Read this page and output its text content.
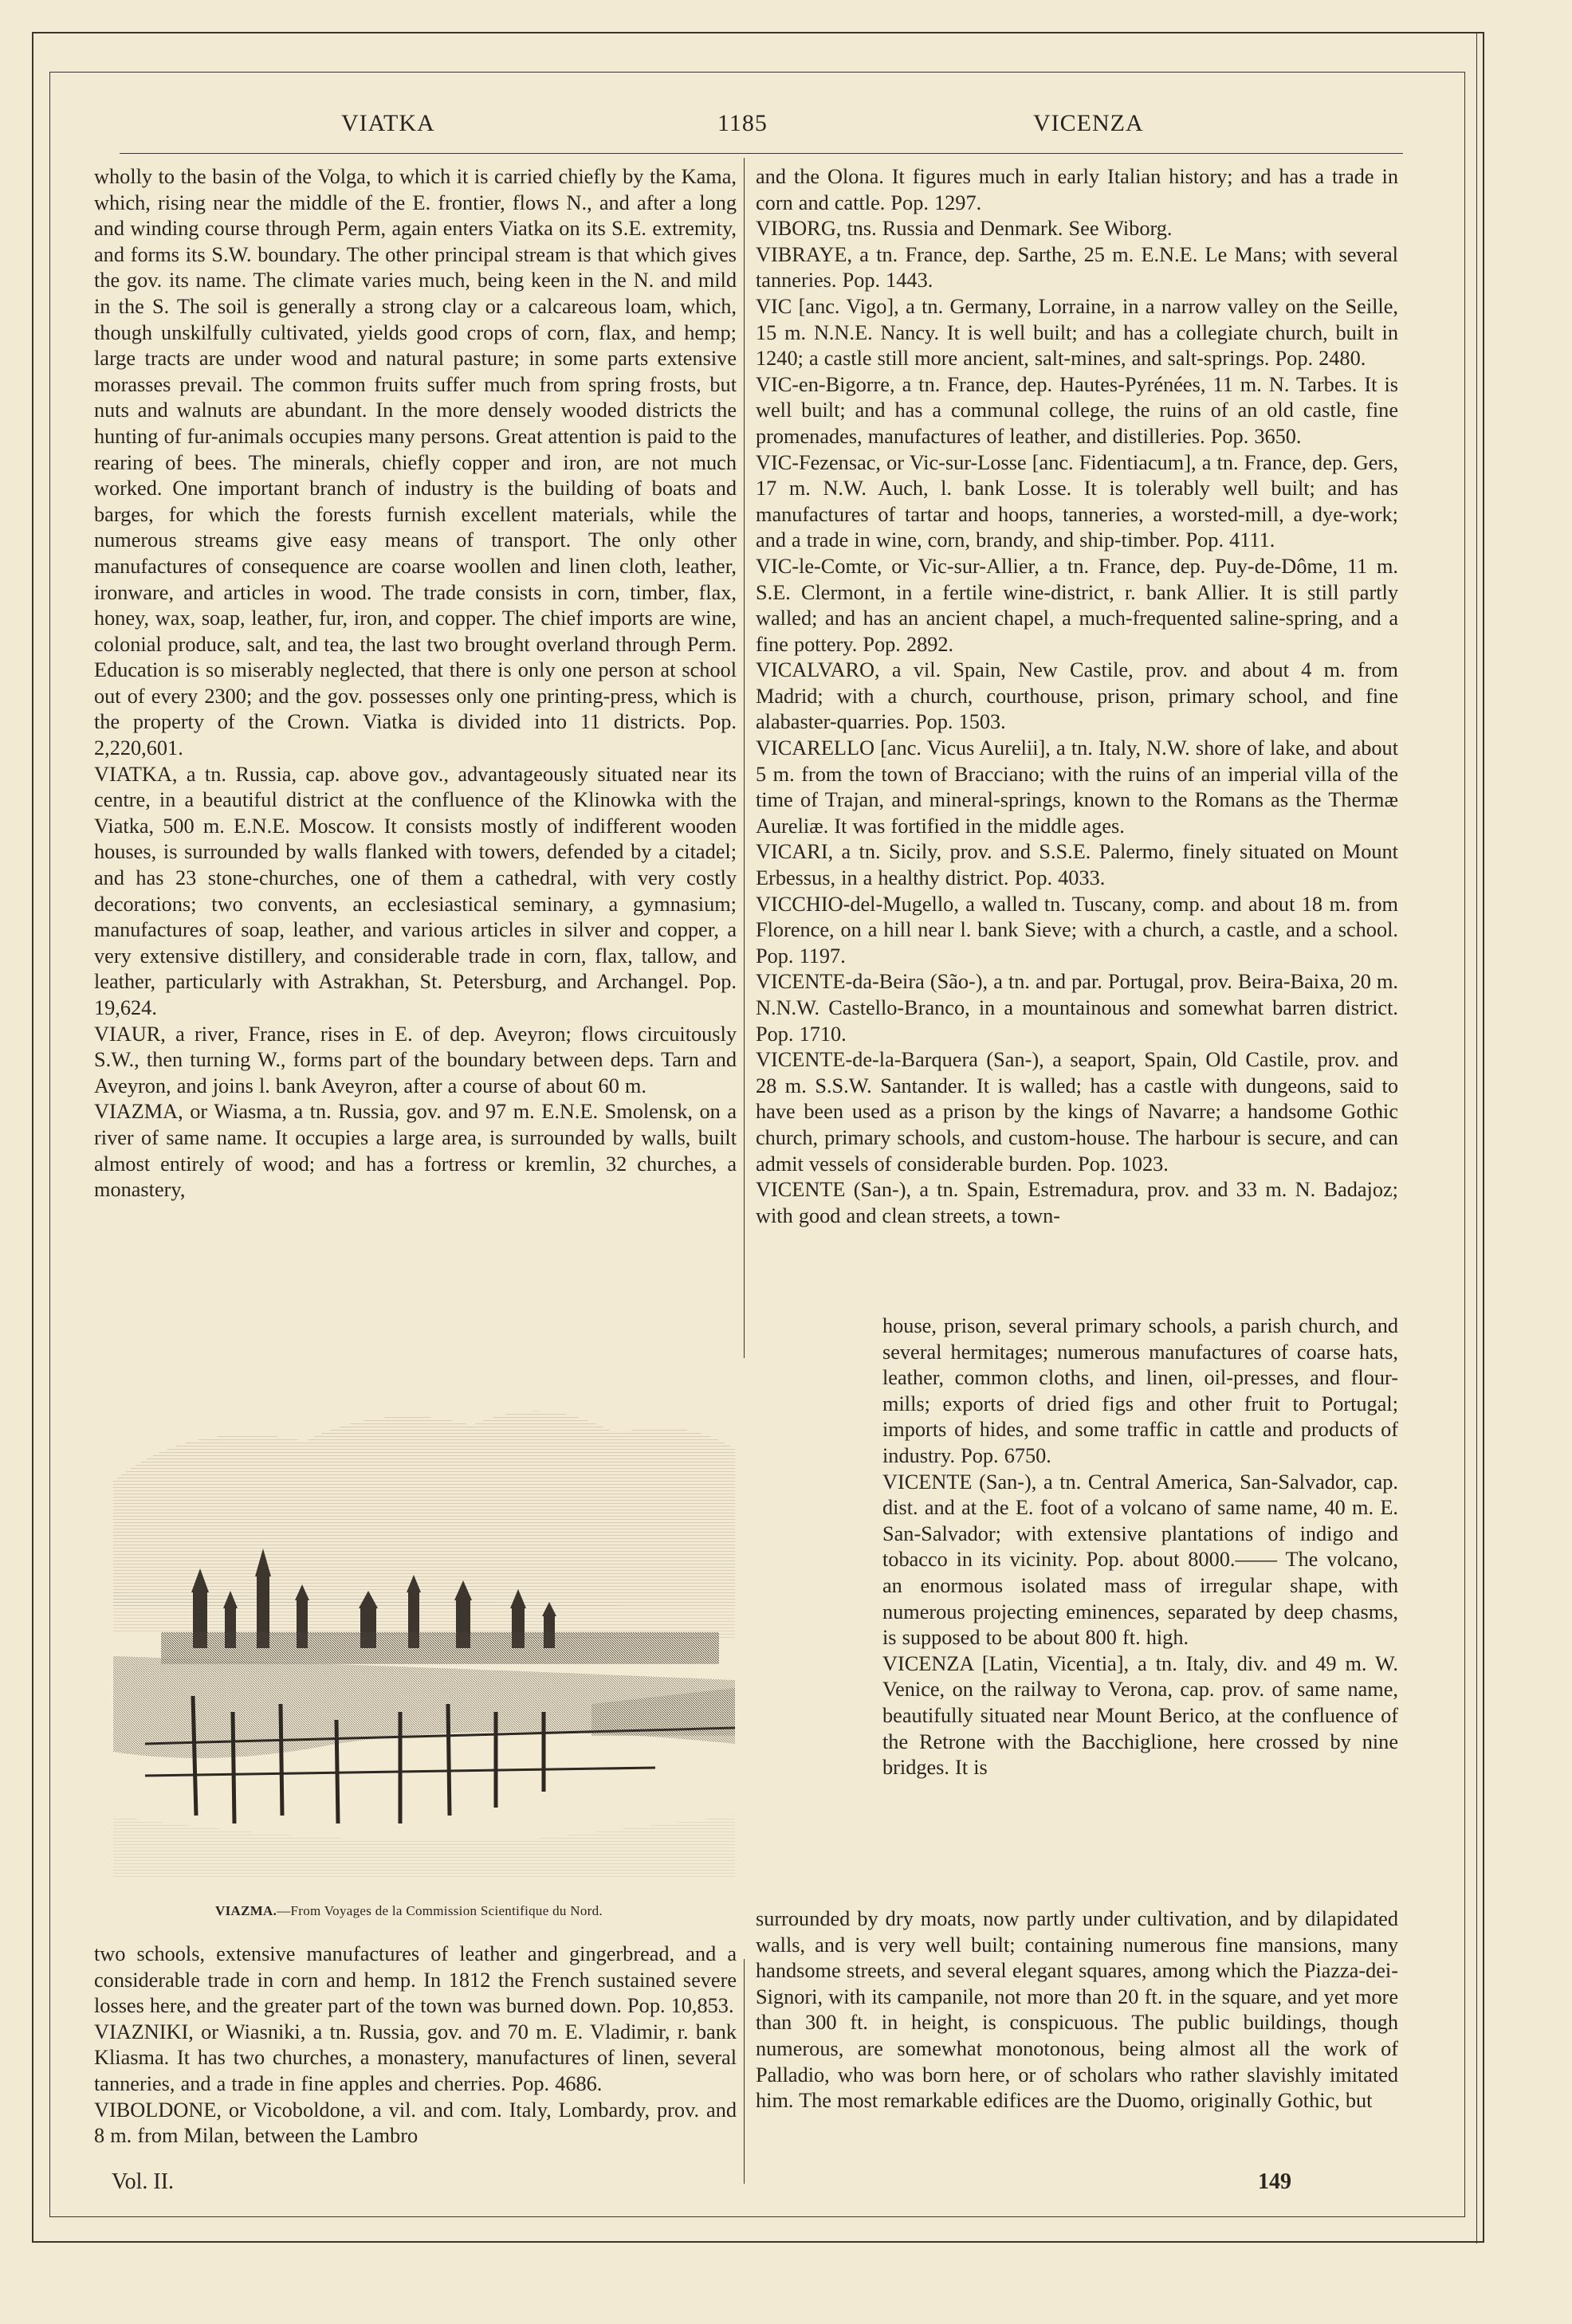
VIATKA	1185	VICENZA

wholly to the basin of the Volga, to which it is carried chiefly by the Kama, which, rising near the middle of the E. frontier, flows N., and after a long and winding course through Perm, again enters Viatka on its S.E. extremity, and forms its S.W. boundary. The other principal stream is that which gives the gov. its name. The climate varies much, being keen in the N. and mild in the S. The soil is generally a strong clay or a calcareous loam, which, though unskilfully cultivated, yields good crops of corn, flax, and hemp; large tracts are under wood and natural pasture; in some parts extensive morasses prevail. The common fruits suffer much from spring frosts, but nuts and walnuts are abundant. In the more densely wooded districts the hunting of fur-animals occupies many persons. Great attention is paid to the rearing of bees. The minerals, chiefly copper and iron, are not much worked. One important branch of industry is the building of boats and barges, for which the forests furnish excellent materials, while the numerous streams give easy means of transport. The only other manufactures of consequence are coarse woollen and linen cloth, leather, ironware, and articles in wood. The trade consists in corn, timber, flax, honey, wax, soap, leather, fur, iron, and copper. The chief imports are wine, colonial produce, salt, and tea, the last two brought overland through Perm. Education is so miserably neglected, that there is only one person at school out of every 2300; and the gov. possesses only one printing-press, which is the property of the Crown. Viatka is divided into 11 districts. Pop. 2,220,601.

VIATKA, a tn. Russia, cap. above gov., advantageously situated near its centre, in a beautiful district at the confluence of the Klinowka with the Viatka, 500 m. E.N.E. Moscow. It consists mostly of indifferent wooden houses, is surrounded by walls flanked with towers, defended by a citadel; and has 23 stone-churches, one of them a cathedral, with very costly decorations; two convents, an ecclesiastical seminary, a gymnasium; manufactures of soap, leather, and various articles in silver and copper, a very extensive distillery, and considerable trade in corn, flax, tallow, and leather, particularly with Astrakhan, St. Petersburg, and Archangel. Pop. 19,624.

VIAUR, a river, France, rises in E. of dep. Aveyron; flows circuitously S.W., then turning W., forms part of the boundary between deps. Tarn and Aveyron, and joins l. bank Aveyron, after a course of about 60 m.

VIAZMA, or Wiasma, a tn. Russia, gov. and 97 m. E.N.E. Smolensk, on a river of same name. It occupies a large area, is surrounded by walls, built almost entirely of wood; and has a fortress or kremlin, 32 churches, a monastery,

VIAZMA.—From Voyages de la Commission Scientifique du Nord.

two schools, extensive manufactures of leather and gingerbread, and a considerable trade in corn and hemp. In 1812 the French sustained severe losses here, and the greater part of the town was burned down. Pop. 10,853.

VIAZNIKI, or Wiasniki, a tn. Russia, gov. and 70 m. E. Vladimir, r. bank Kliasma. It has two churches, a monastery, manufactures of linen, several tanneries, and a trade in fine apples and cherries. Pop. 4686.

VIBOLDONE, or Vicoboldone, a vil. and com. Italy, Lombardy, prov. and 8 m. from Milan, between the Lambro

and the Olona. It figures much in early Italian history; and has a trade in corn and cattle. Pop. 1297.

VIBORG, tns. Russia and Denmark. See Wiborg.

VIBRAYE, a tn. France, dep. Sarthe, 25 m. E.N.E. Le Mans; with several tanneries. Pop. 1443.

VIC [anc. Vigo], a tn. Germany, Lorraine, in a narrow valley on the Seille, 15 m. N.N.E. Nancy. It is well built; and has a collegiate church, built in 1240; a castle still more ancient, salt-mines, and salt-springs. Pop. 2480.

VIC-en-Bigorre, a tn. France, dep. Hautes-Pyrénées, 11 m. N. Tarbes. It is well built; and has a communal college, the ruins of an old castle, fine promenades, manufactures of leather, and distilleries. Pop. 3650.

VIC-Fezensac, or Vic-sur-Losse [anc. Fidentiacum], a tn. France, dep. Gers, 17 m. N.W. Auch, l. bank Losse. It is tolerably well built; and has manufactures of tartar and hoops, tanneries, a worsted-mill, a dye-work; and a trade in wine, corn, brandy, and ship-timber. Pop. 4111.

VIC-le-Comte, or Vic-sur-Allier, a tn. France, dep. Puy-de-Dôme, 11 m. S.E. Clermont, in a fertile wine-district, r. bank Allier. It is still partly walled; and has an ancient chapel, a much-frequented saline-spring, and a fine pottery. Pop. 2892.

VICALVARO, a vil. Spain, New Castile, prov. and about 4 m. from Madrid; with a church, courthouse, prison, primary school, and fine alabaster-quarries. Pop. 1503.

VICARELLO [anc. Vicus Aurelii], a tn. Italy, N.W. shore of lake, and about 5 m. from the town of Bracciano; with the ruins of an imperial villa of the time of Trajan, and mineral-springs, known to the Romans as the Thermæ Aureliæ. It was fortified in the middle ages.

VICARI, a tn. Sicily, prov. and S.S.E. Palermo, finely situated on Mount Erbessus, in a healthy district. Pop. 4033.

VICCHIO-del-Mugello, a walled tn. Tuscany, comp. and about 18 m. from Florence, on a hill near l. bank Sieve; with a church, a castle, and a school. Pop. 1197.

VICENTE-da-Beira (São-), a tn. and par. Portugal, prov. Beira-Baixa, 20 m. N.N.W. Castello-Branco, in a mountainous and somewhat barren district. Pop. 1710.

VICENTE-de-la-Barquera (San-), a seaport, Spain, Old Castile, prov. and 28 m. S.S.W. Santander. It is walled; has a castle with dungeons, said to have been used as a prison by the kings of Navarre; a handsome Gothic church, primary schools, and custom-house. The harbour is secure, and can admit vessels of considerable burden. Pop. 1023.

VICENTE (San-), a tn. Spain, Estremadura, prov. and 33 m. N. Badajoz; with good and clean streets, a town-

house, prison, several primary schools, a parish church, and several hermitages; numerous manufactures of coarse hats, leather, common cloths, and linen, oil-presses, and flour-mills; exports of dried figs and other fruit to Portugal; imports of hides, and some traffic in cattle and products of industry. Pop. 6750.

VICENTE (San-), a tn. Central America, San-Salvador, cap. dist. and at the E. foot of a volcano of same name, 40 m. E. San-Salvador; with extensive plantations of indigo and tobacco in its vicinity. Pop. about 8000.—— The volcano, an enormous isolated mass of irregular shape, with numerous projecting eminences, separated by deep chasms, is supposed to be about 800 ft. high.

VICENZA [Latin, Vicentia], a tn. Italy, div. and 49 m. W. Venice, on the railway to Verona, cap. prov. of same name, beautifully situated near Mount Berico, at the confluence of the Retrone with the Bacchiglione, here crossed by nine bridges. It is

surrounded by dry moats, now partly under cultivation, and by dilapidated walls, and is very well built; containing numerous fine mansions, many handsome streets, and several elegant squares, among which the Piazza-dei-Signori, with its campanile, not more than 20 ft. in the square, and yet more than 300 ft. in height, is conspicuous. The public buildings, though numerous, are somewhat monotonous, being almost all the work of Palladio, who was born here, or of scholars who rather slavishly imitated him. The most remarkable edifices are the Duomo, originally Gothic, but

Vol. II.	149
